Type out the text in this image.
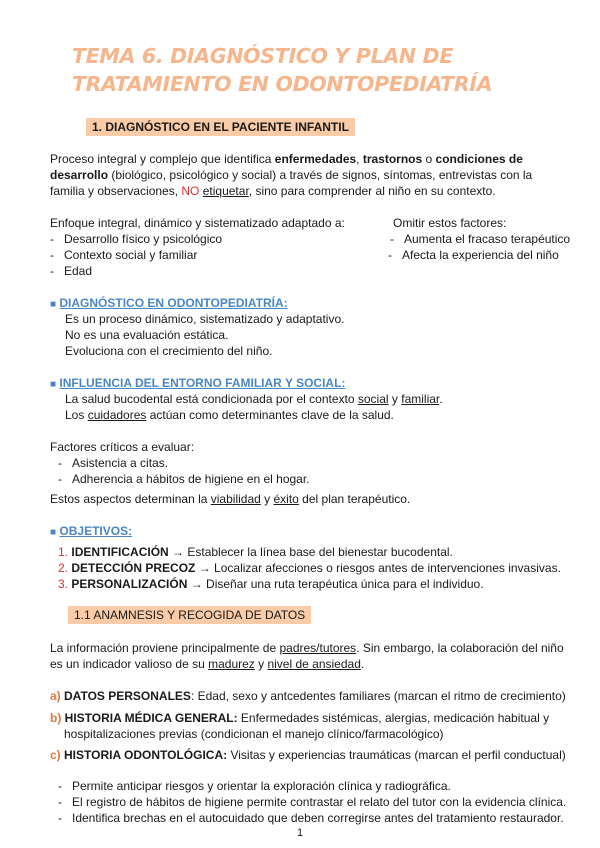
TEMA 6. DIAGNÓSTICO Y PLAN DE
TRATAMIENTO EN ODONTOPEDIATRÍA
1. DIAGNÓSTICO EN EL PACIENTE INFANTIL
Proceso integral y complejo que identifica enfermedades, trastornos o condiciones de
desarrollo (biológico, psicológico y social) a través de signos, síntomas, entrevistas con la
familia y observaciones, NO etiquetar, sino para comprender al niño en su contexto.
Enfoque integral, dinámico y sistematizado adaptado a:
-   Desarrollo físico y psicológico
-   Contexto social y familiar
-   Edad
Omitir estos factores:
-   Aumenta el fracaso terapéutico
-   Afecta la experiencia del niño
■ DIAGNÓSTICO EN ODONTOPEDIATRÍA:
Es un proceso dinámico, sistematizado y adaptativo.
No es una evaluación estática.
Evoluciona con el crecimiento del niño.
■ INFLUENCIA DEL ENTORNO FAMILIAR Y SOCIAL:
La salud bucodental está condicionada por el contexto social y familiar.
Los cuidadores actúan como determinantes clave de la salud.
Factores críticos a evaluar:
-   Asistencia a citas.
-   Adherencia a hábitos de higiene en el hogar.
Estos aspectos determinan la viabilidad y éxito del plan terapéutico.
■ OBJETIVOS:
1. IDENTIFICACIÓN → Establecer la línea base del bienestar bucodental.
2. DETECCIÓN PRECOZ → Localizar afecciones o riesgos antes de intervenciones invasivas.
3. PERSONALIZACIÓN → Diseñar una ruta terapéutica única para el individuo.
1.1 ANAMNESIS Y RECOGIDA DE DATOS
La información proviene principalmente de padres/tutores. Sin embargo, la colaboración del niño
es un indicador valioso de su madurez y nivel de ansiedad.
a) DATOS PERSONALES: Edad, sexo y antcedentes familiares (marcan el ritmo de crecimiento)
b) HISTORIA MÉDICA GENERAL: Enfermedades sistémicas, alergias, medicación habitual y
hospitalizaciones previas (condicionan el manejo clínico/farmacológico)
c) HISTORIA ODONTOLÓGICA: Visitas y experiencias traumáticas (marcan el perfil conductual)
-   Permite anticipar riesgos y orientar la exploración clínica y radiográfica.
-   El registro de hábitos de higiene permite contrastar el relato del tutor con la evidencia clínica.
-   Identifica brechas en el autocuidado que deben corregirse antes del tratamiento restaurador.
1
